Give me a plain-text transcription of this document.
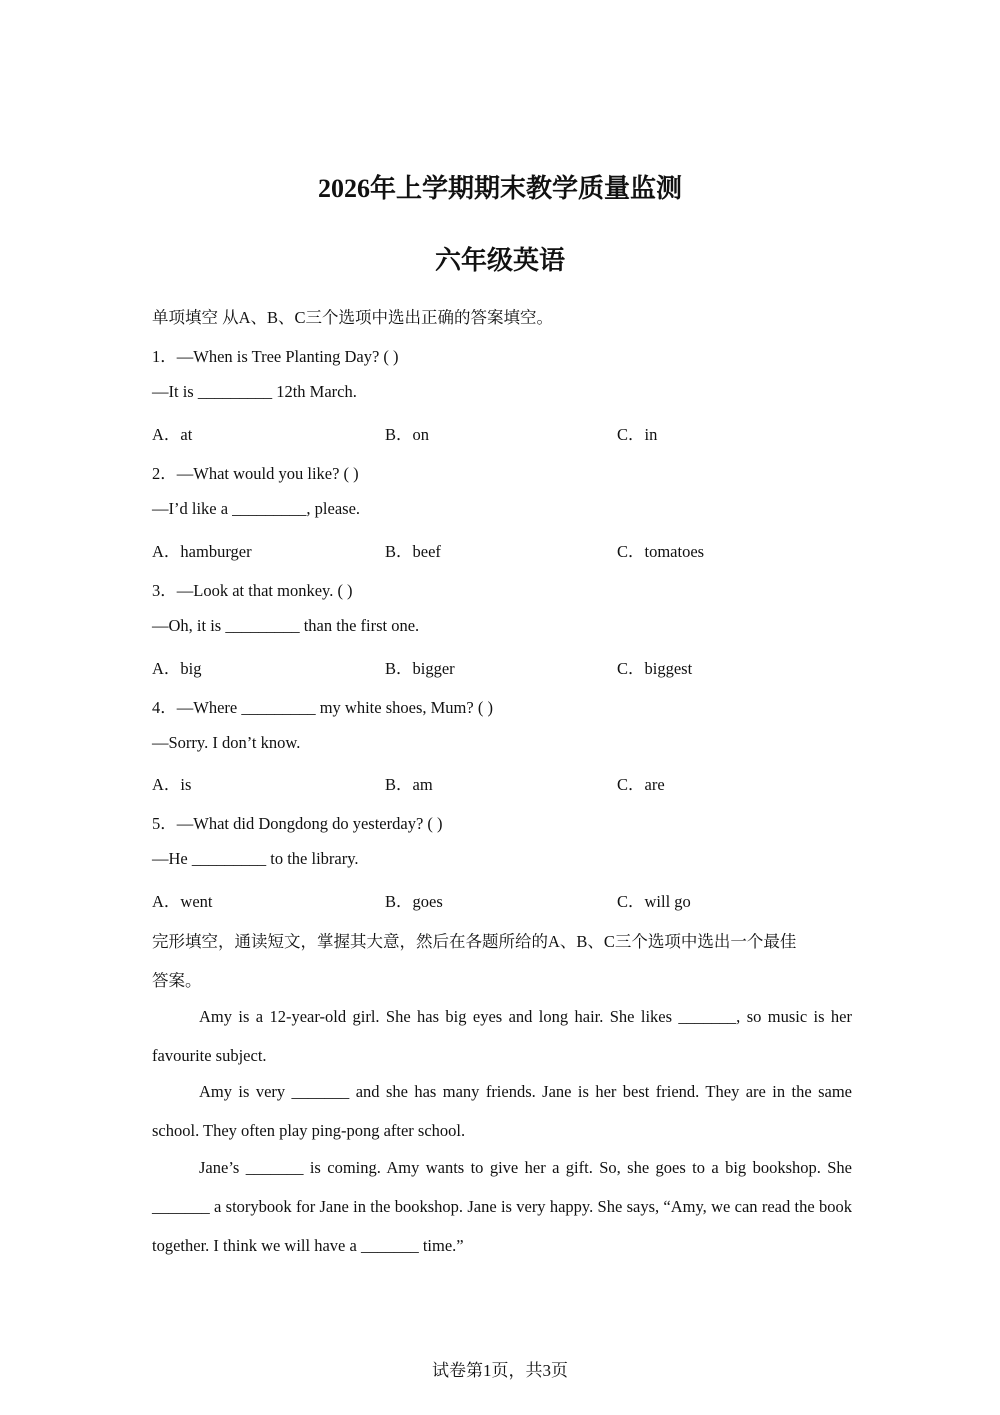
2026年上学期期末教学质量监测
六年级英语
单项填空 从A、B、C三个选项中选出正确的答案填空。
1．—When is Tree Planting Day? ( )
—It is _________ 12th March.
A．at	B．on	C．in
2．—What would you like? ( )
—I’d like a _________, please.
A．hamburger	B．beef	C．tomatoes
3．—Look at that monkey. ( )
—Oh, it is _________ than the first one.
A．big	B．bigger	C．biggest
4．—Where _________ my white shoes, Mum? ( )
—Sorry. I don’t know.
A．is	B．am	C．are
5．—What did Dongdong do yesterday? ( )
—He _________ to the library.
A．went	B．goes	C．will go
完形填空，通读短文，掌握其大意，然后在各题所给的A、B、C三个选项中选出一个最佳
答案。
Amy is a 12-year-old girl. She has big eyes and long hair. She likes _______, so music is her favourite subject.
Amy is very _______ and she has many friends. Jane is her best friend. They are in the same school. They often play ping-pong after school.
Jane’s _______ is coming. Amy wants to give her a gift. So, she goes to a big bookshop. She _______ a storybook for Jane in the bookshop. Jane is very happy. She says, “Amy, we can read the book together. I think we will have a _______ time.”
试卷第1页，共3页
